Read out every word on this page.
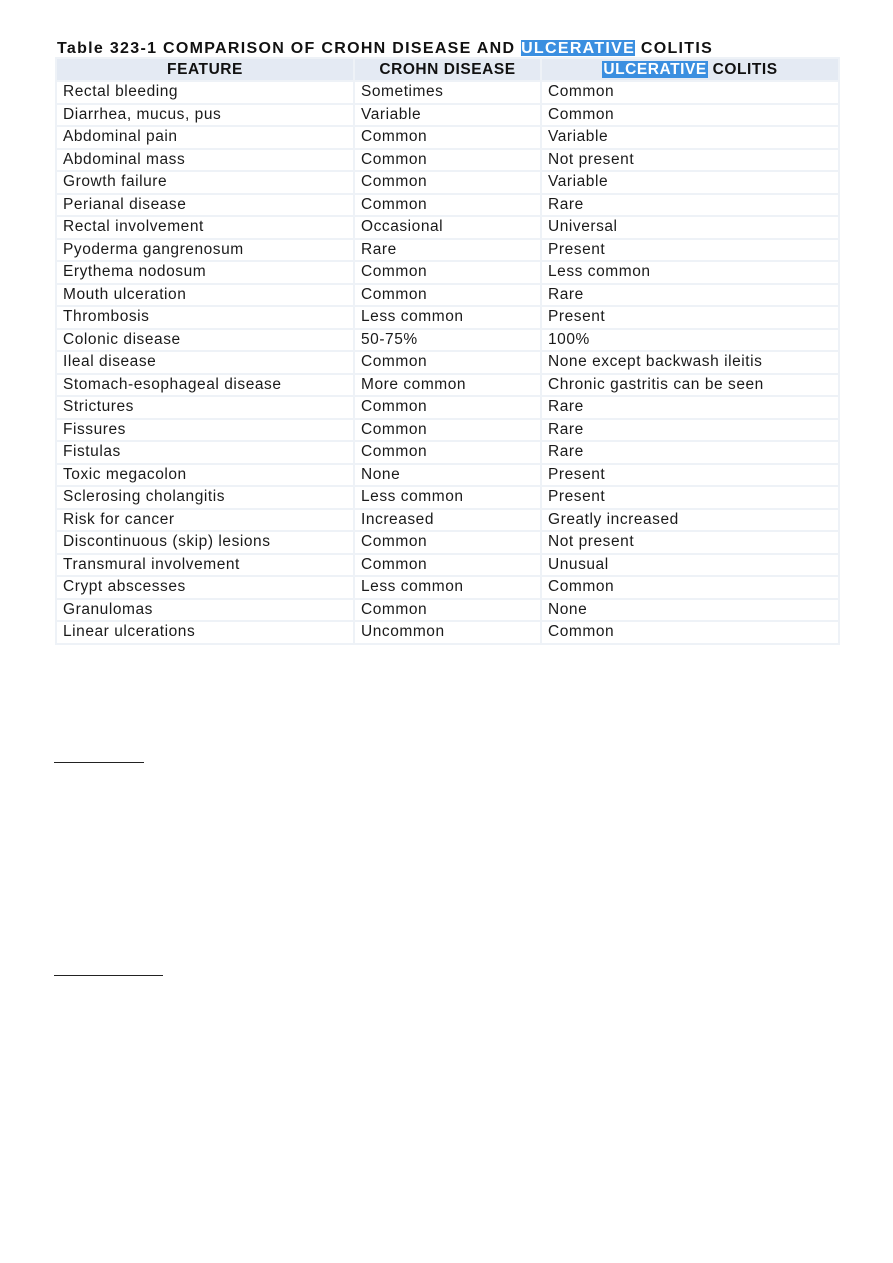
Table 323-1 COMPARISON OF CROHN DISEASE AND ULCERATIVE COLITIS
FEATURE	CROHN DISEASE	ULCERATIVE COLITIS
Rectal bleeding	Sometimes	Common
Diarrhea, mucus, pus	Variable	Common
Abdominal pain	Common	Variable
Abdominal mass	Common	Not present
Growth failure	Common	Variable
Perianal disease	Common	Rare
Rectal involvement	Occasional	Universal
Pyoderma gangrenosum	Rare	Present
Erythema nodosum	Common	Less common
Mouth ulceration	Common	Rare
Thrombosis	Less common	Present
Colonic disease	50-75%	100%
Ileal disease	Common	None except backwash ileitis
Stomach-esophageal disease	More common	Chronic gastritis can be seen
Strictures	Common	Rare
Fissures	Common	Rare
Fistulas	Common	Rare
Toxic megacolon	None	Present
Sclerosing cholangitis	Less common	Present
Risk for cancer	Increased	Greatly increased
Discontinuous (skip) lesions	Common	Not present
Transmural involvement	Common	Unusual
Crypt abscesses	Less common	Common
Granulomas	Common	None
Linear ulcerations	Uncommon	Common
